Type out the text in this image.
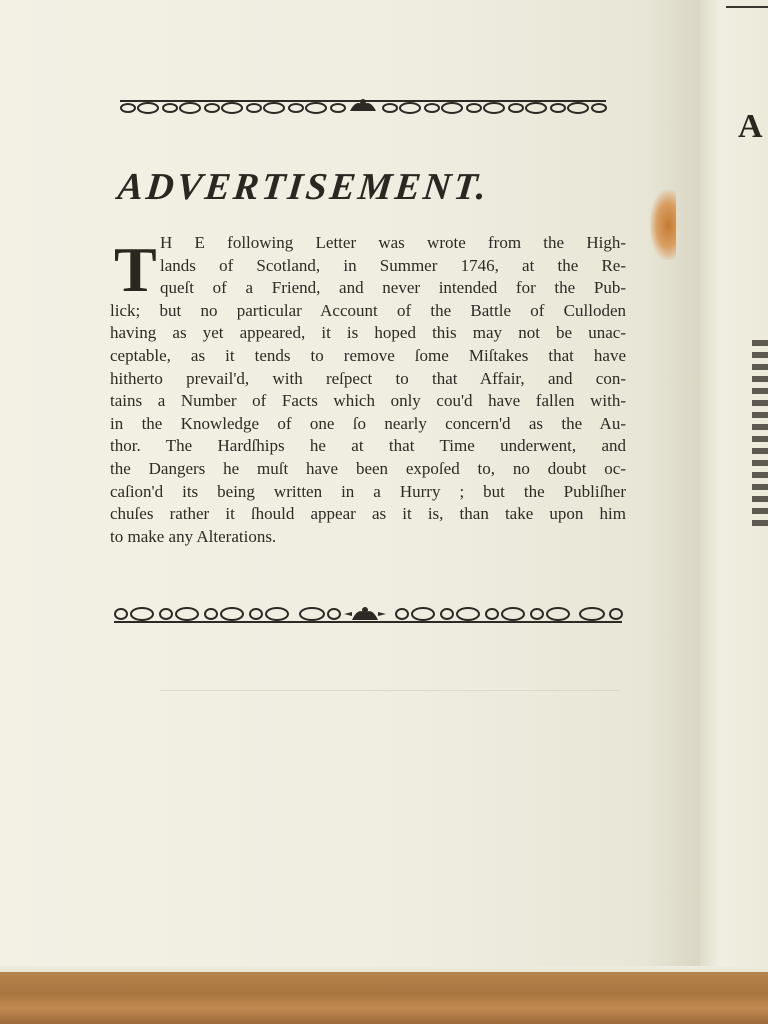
ADVERTISEMENT.
T H E following Letter was wrote from the High-
lands of Scotland, in Summer 1746, at the Re-
queſt of a Friend, and never intended for the Pub-
lick; but no particular Account of the Battle of Culloden
having as yet appeared, it is hoped this may not be unac-
ceptable, as it tends to remove ſome Miſtakes that have
hitherto prevail'd, with reſpect to that Affair, and con-
tains a Number of Facts which only cou'd have fallen with-
in the Knowledge of one ſo nearly concern'd as the Au-
thor. The Hardſhips he at that Time underwent, and
the Dangers he muſt have been expoſed to, no doubt oc-
caſion'd its being written in a Hurry ; but the Publiſher
chuſes rather it ſhould appear as it is, than take upon him
to make any Alterations.
A
